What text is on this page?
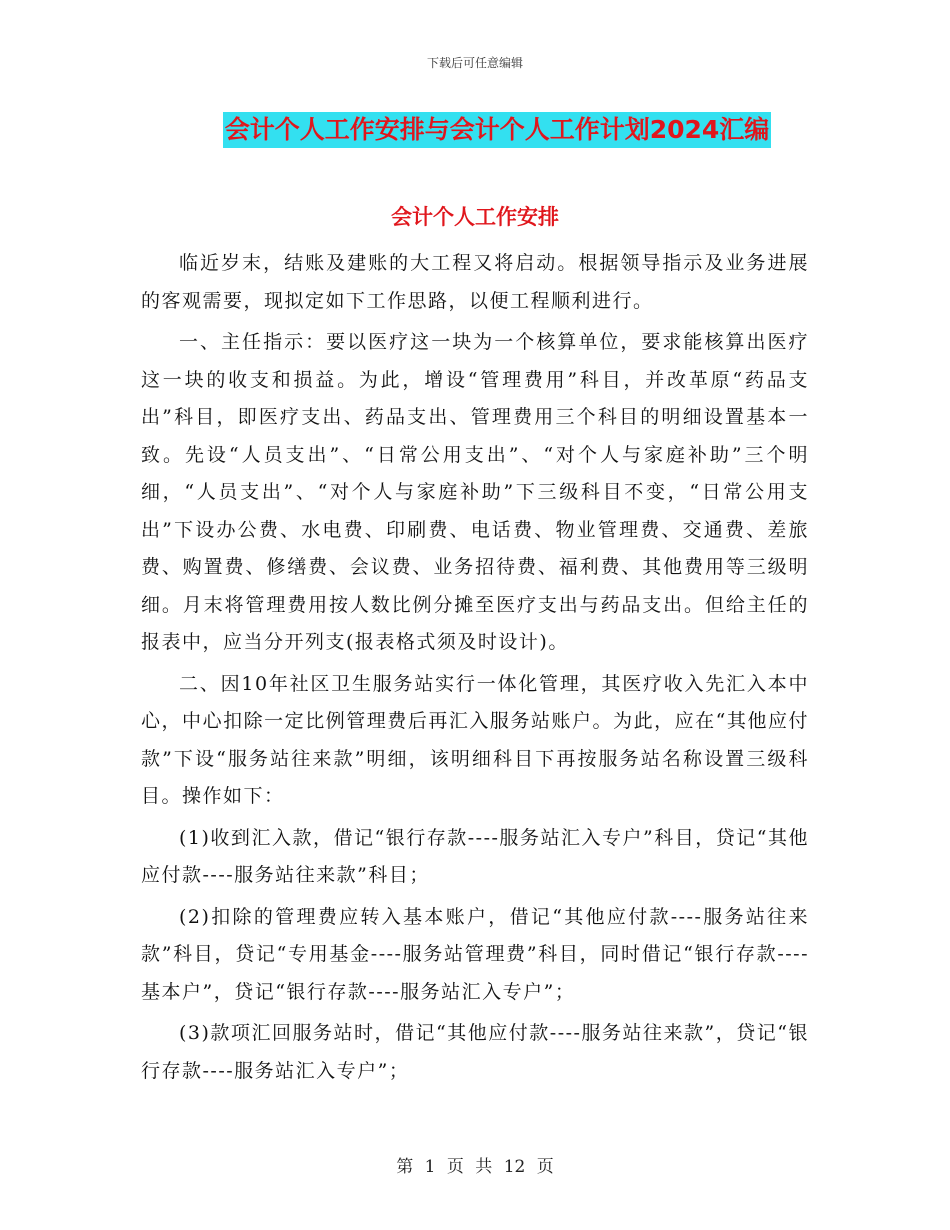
下载后可任意编辑
会计个人工作安排与会计个人工作计划2024汇编
会计个人工作安排

临近岁末，结账及建账的大工程又将启动。根据领导指示及业务进展的客观需要，现拟定如下工作思路，以便工程顺利进行。

一、主任指示：要以医疗这一块为一个核算单位，要求能核算出医疗这一块的收支和损益。为此，增设“管理费用”科目，并改革原“药品支出”科目，即医疗支出、药品支出、管理费用三个科目的明细设置基本一致。先设“人员支出”、“日常公用支出”、“对个人与家庭补助”三个明细，“人员支出”、“对个人与家庭补助”下三级科目不变，“日常公用支出”下设办公费、水电费、印刷费、电话费、物业管理费、交通费、差旅费、购置费、修缮费、会议费、业务招待费、福利费、其他费用等三级明细。月末将管理费用按人数比例分摊至医疗支出与药品支出。但给主任的报表中，应当分开列支(报表格式须及时设计)。

二、因10年社区卫生服务站实行一体化管理，其医疗收入先汇入本中心，中心扣除一定比例管理费后再汇入服务站账户。为此，应在“其他应付款”下设“服务站往来款”明细，该明细科目下再按服务站名称设置三级科目。操作如下：

(1)收到汇入款，借记“银行存款----服务站汇入专户”科目，贷记“其他应付款----服务站往来款”科目；

(2)扣除的管理费应转入基本账户，借记“其他应付款----服务站往来款”科目，贷记“专用基金----服务站管理费”科目，同时借记“银行存款----基本户”，贷记“银行存款----服务站汇入专户”；

(3)款项汇回服务站时，借记“其他应付款----服务站往来款”，贷记“银行存款----服务站汇入专户”；

第 1 页 共 12 页
